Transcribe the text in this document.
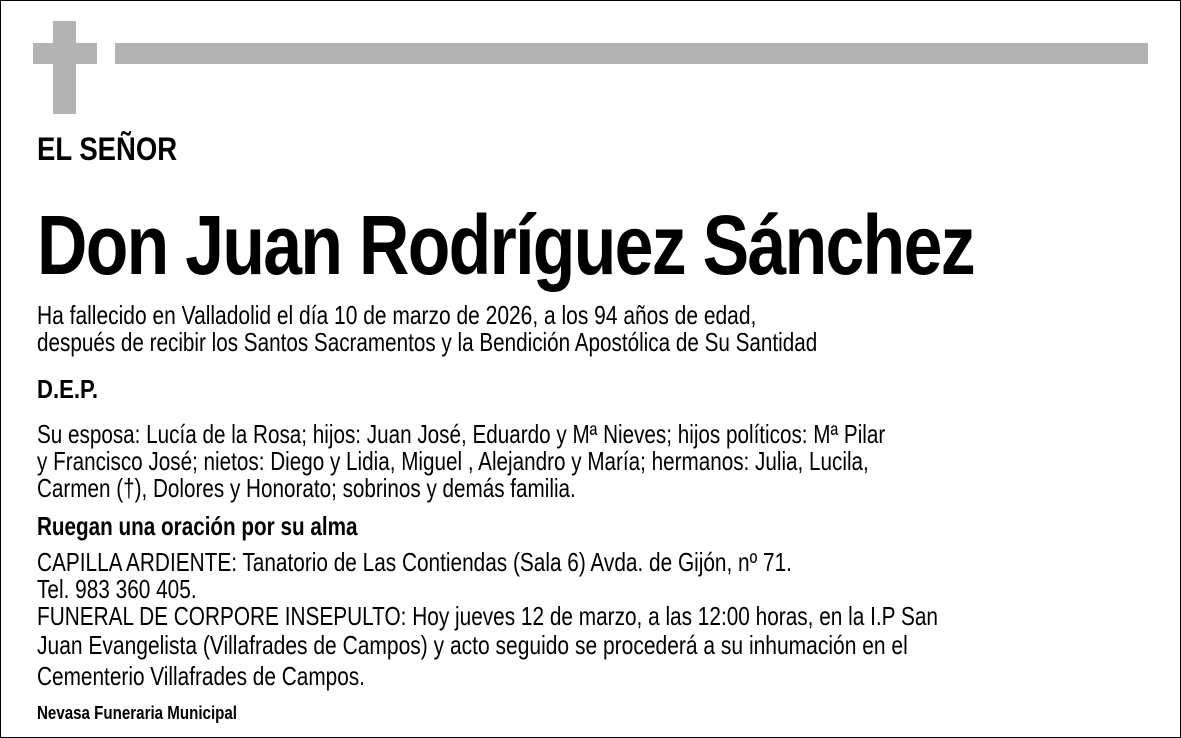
EL SEÑOR
Don Juan Rodríguez Sánchez
Ha fallecido en Valladolid el día 10 de marzo de 2026, a los 94 años de edad,
después de recibir los Santos Sacramentos y la Bendición Apostólica de Su Santidad
D.E.P.
Su esposa: Lucía de la Rosa; hijos: Juan José, Eduardo y Mª Nieves; hijos políticos: Mª Pilar
y Francisco José; nietos: Diego y Lidia, Miguel , Alejandro y María; hermanos: Julia, Lucila,
Carmen (†), Dolores y Honorato; sobrinos y demás familia.
Ruegan una oración por su alma
CAPILLA ARDIENTE: Tanatorio de Las Contiendas (Sala 6) Avda. de Gijón, nº 71.
Tel. 983 360 405.
FUNERAL DE CORPORE INSEPULTO: Hoy jueves 12 de marzo, a las 12:00 horas, en la I.P San
Juan Evangelista (Villafrades de Campos) y acto seguido se procederá a su inhumación en el
Cementerio Villafrades de Campos.
Nevasa Funeraria Municipal
